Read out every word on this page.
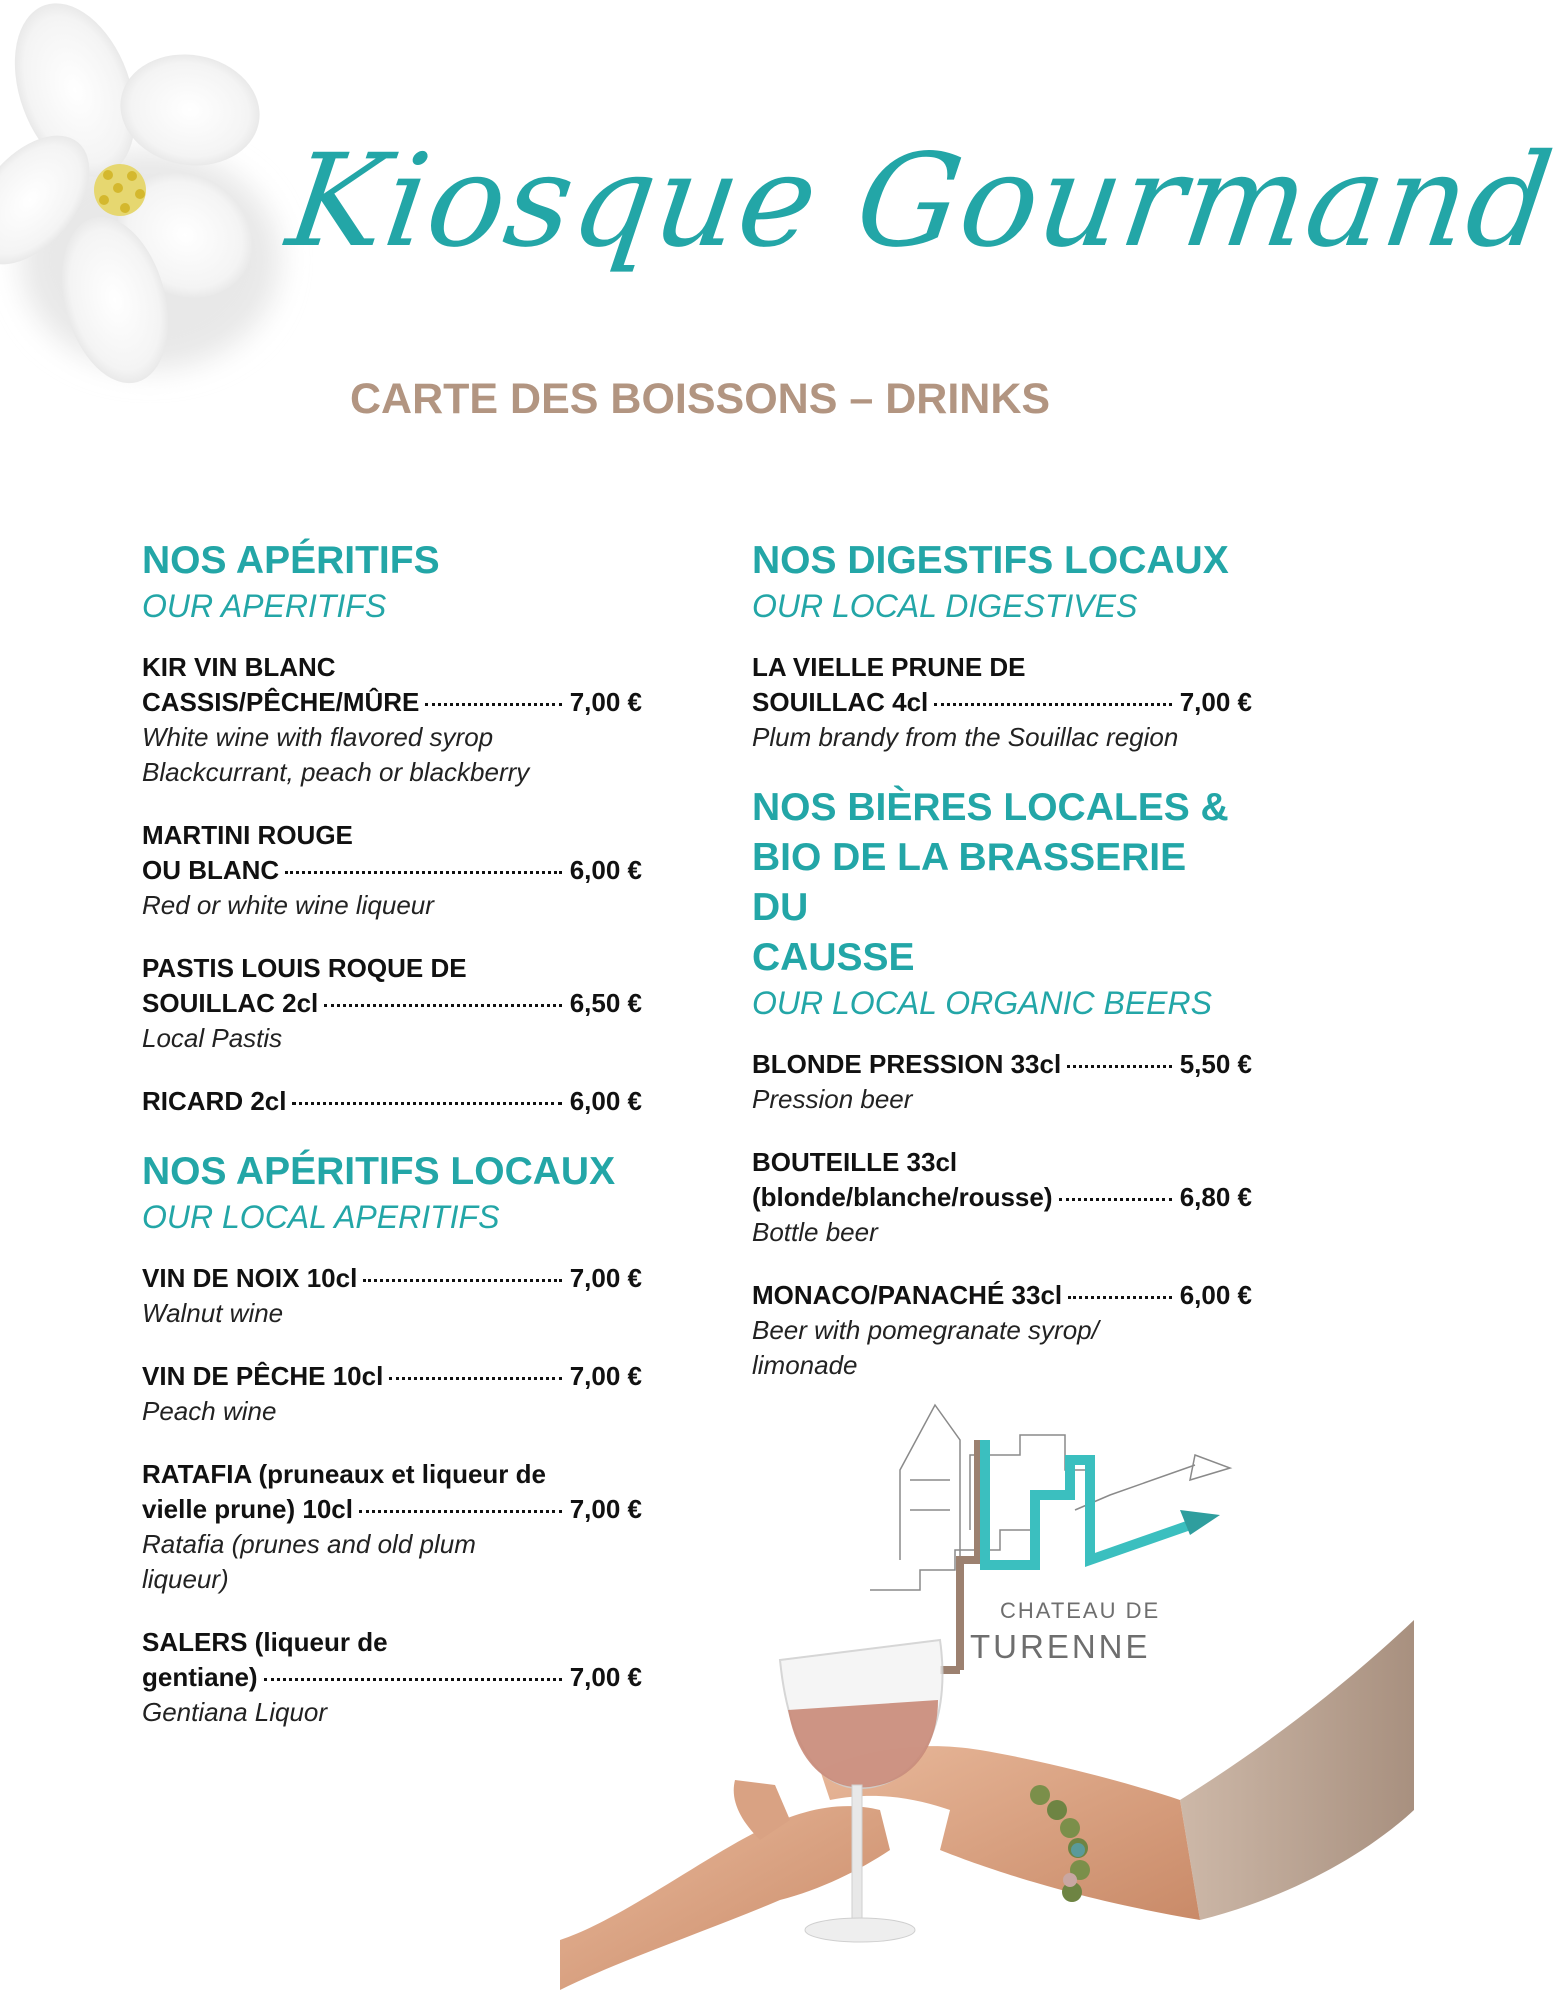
Kiosque Gourmand
CARTE DES BOISSONS – DRINKS
NOS APÉRITIFS
OUR APERITIFS
KIR VIN BLANC
CASSIS/PÊCHE/MÛRE	7,00 €
White wine with flavored syrop
Blackcurrant, peach or blackberry
MARTINI ROUGE
OU BLANC	6,00 €
Red or white wine liqueur
PASTIS LOUIS ROQUE DE
SOUILLAC 2cl	6,50 €
Local Pastis
RICARD 2cl	6,00 €
NOS APÉRITIFS LOCAUX
OUR LOCAL APERITIFS
VIN DE NOIX 10cl	7,00 €
Walnut wine
VIN DE PÊCHE 10cl	7,00 €
Peach wine
RATAFIA (pruneaux et liqueur de
vielle prune) 10cl	7,00 €
Ratafia (prunes and old plum
liqueur)
SALERS (liqueur de
gentiane)	7,00 €
Gentiana Liquor
NOS DIGESTIFS LOCAUX
OUR LOCAL DIGESTIVES
LA VIELLE PRUNE DE
SOUILLAC 4cl	7,00 €
Plum brandy from the Souillac region
NOS BIÈRES LOCALES &
BIO DE LA BRASSERIE DU
CAUSSE
OUR LOCAL ORGANIC BEERS
BLONDE PRESSION 33cl	5,50 €
Pression beer
BOUTEILLE 33cl
(blonde/blanche/rousse)	6,80 €
Bottle beer
MONACO/PANACHÉ 33cl	6,00 €
Beer with pomegranate syrop/
limonade
CHATEAU DE
TURENNE
